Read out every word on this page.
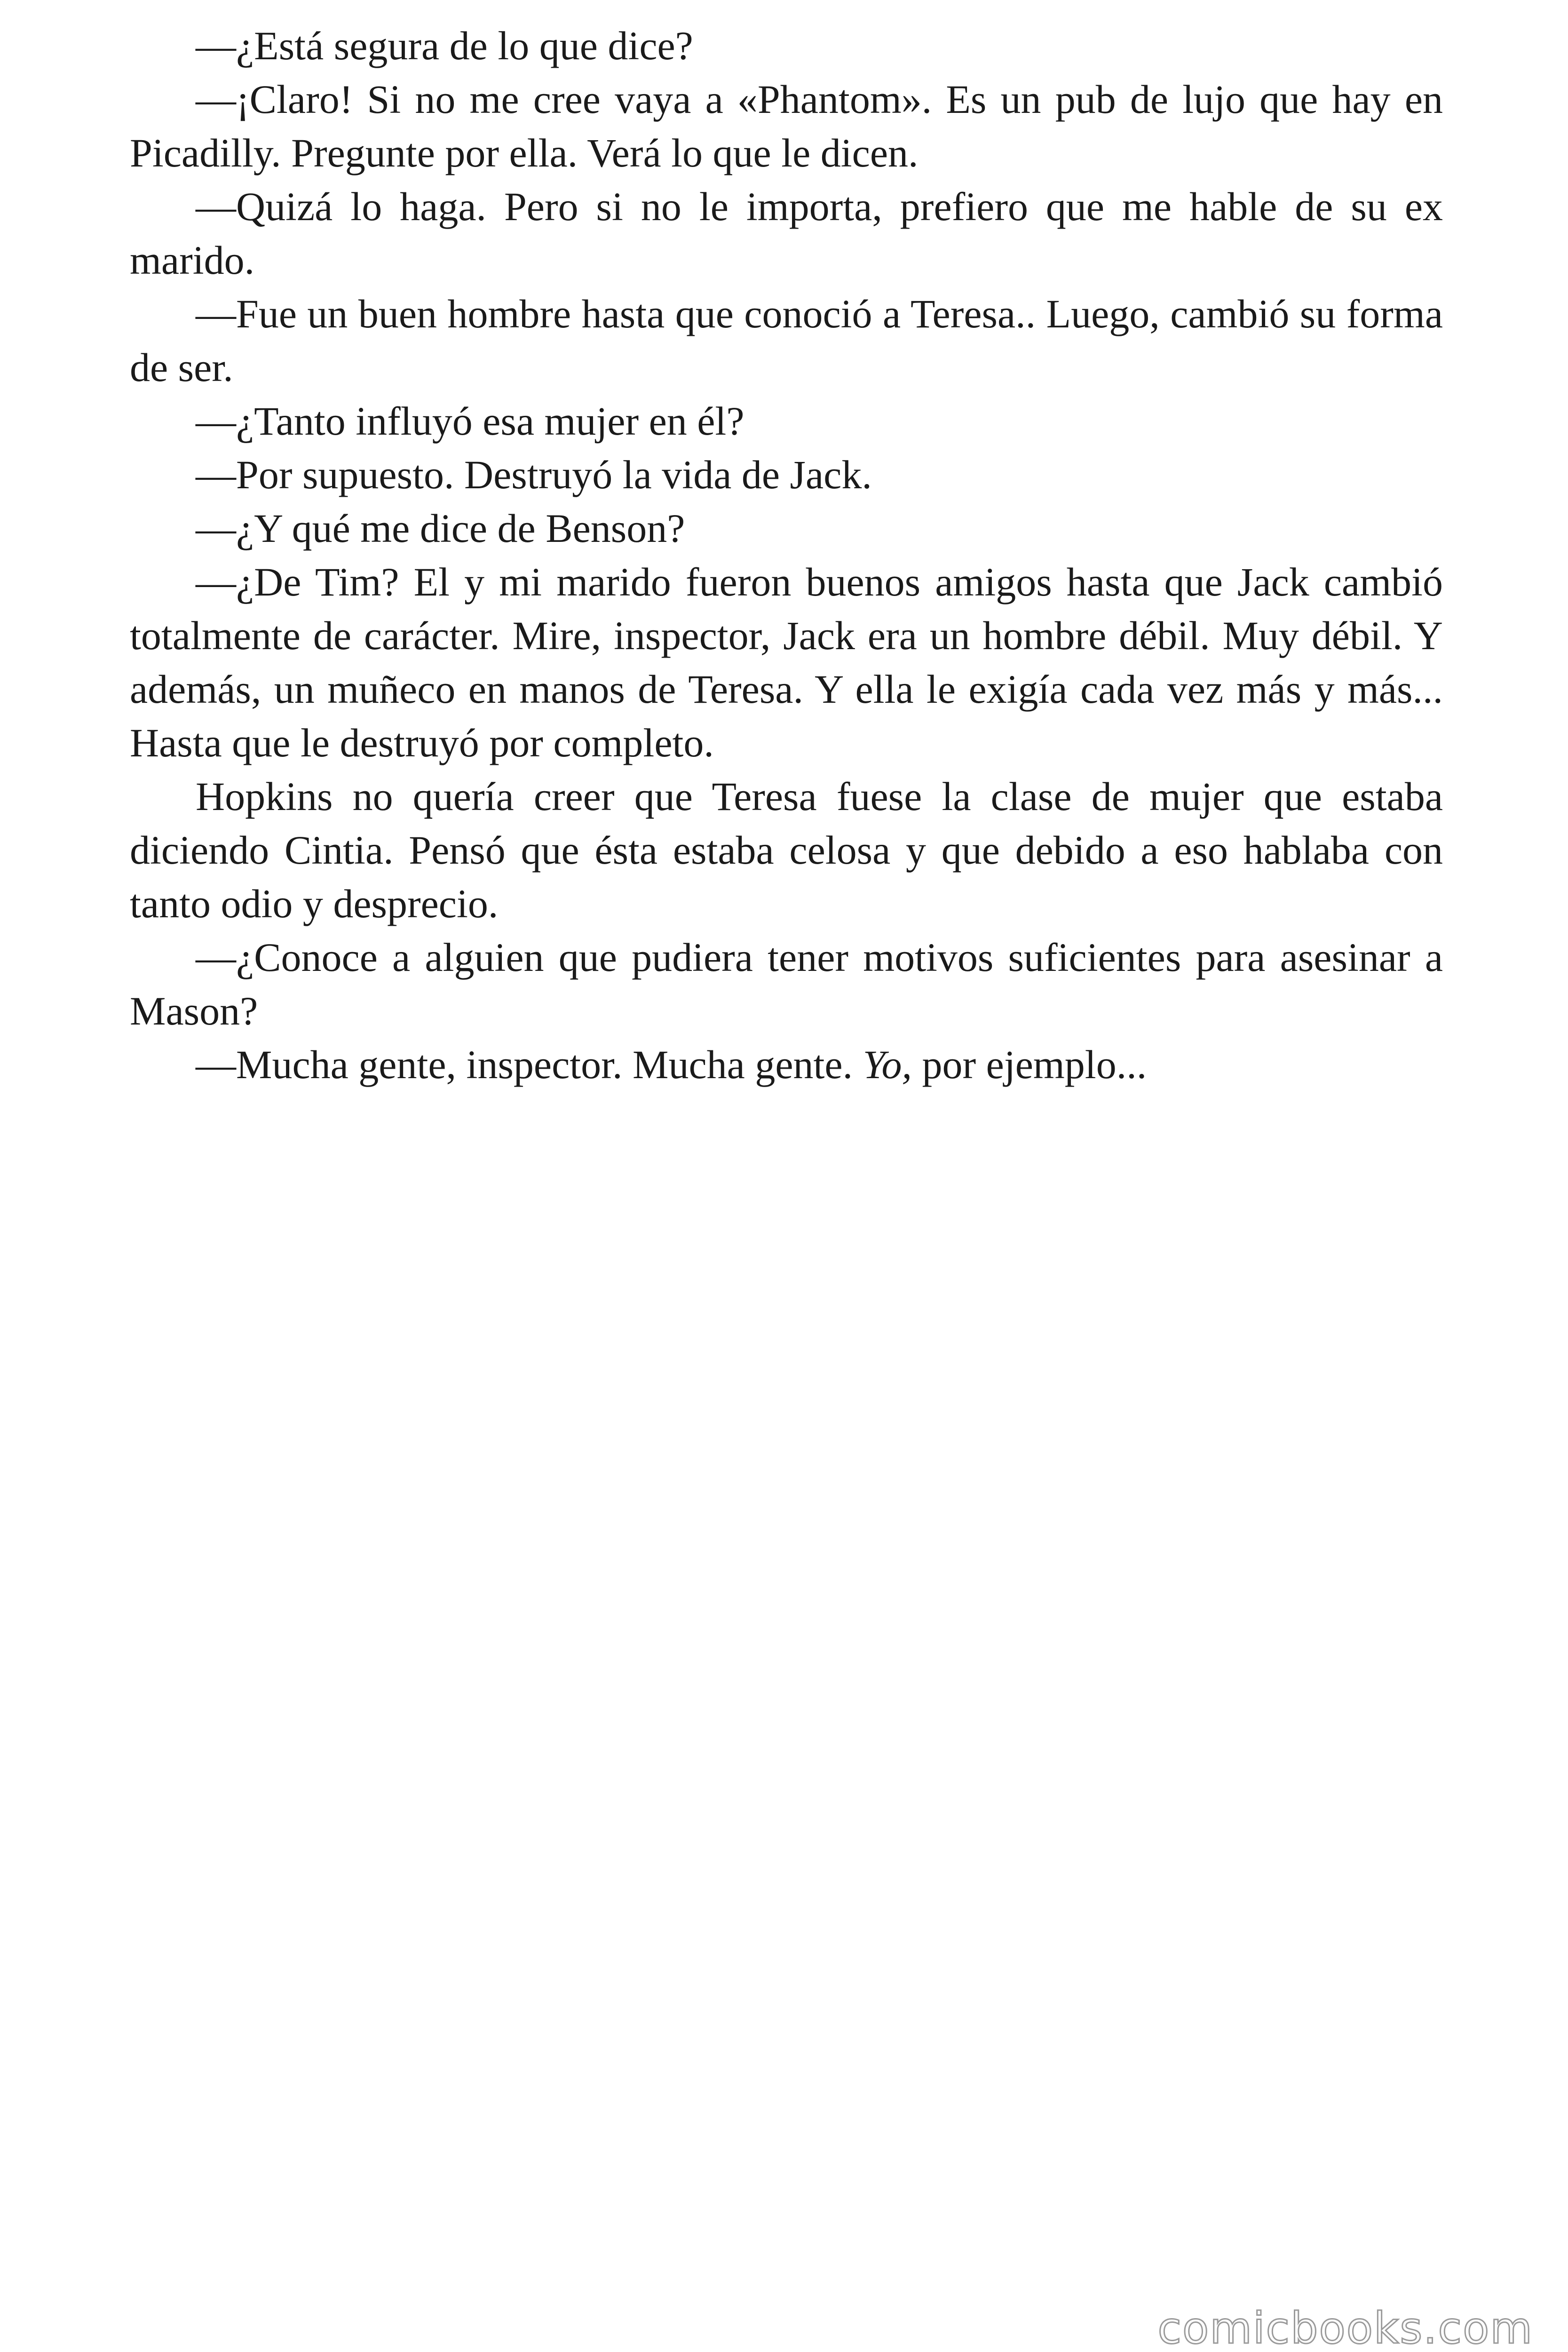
—¿Está segura de lo que dice?

—¡Claro! Si no me cree vaya a «Phantom». Es un pub de lujo que hay en Picadilly. Pregunte por ella. Verá lo que le dicen.

—Quizá lo haga. Pero si no le importa, prefiero que me hable de su ex marido.

—Fue un buen hombre hasta que conoció a Teresa.. Luego, cambió su forma de ser.

—¿Tanto influyó esa mujer en él?

—Por supuesto. Destruyó la vida de Jack.

—¿Y qué me dice de Benson?

—¿De Tim? El y mi marido fueron buenos amigos hasta que Jack cambió totalmente de carácter. Mire, inspector, Jack era un hombre débil. Muy débil. Y además, un muñeco en manos de Teresa. Y ella le exigía cada vez más y más... Hasta que le destruyó por completo.

Hopkins no quería creer que Teresa fuese la clase de mujer que estaba diciendo Cintia. Pensó que ésta estaba celosa y que debido a eso hablaba con tanto odio y desprecio.

—¿Conoce a alguien que pudiera tener motivos suficientes para asesinar a Mason?

—Mucha gente, inspector. Mucha gente. Yo, por ejemplo...

comicbooks.com
